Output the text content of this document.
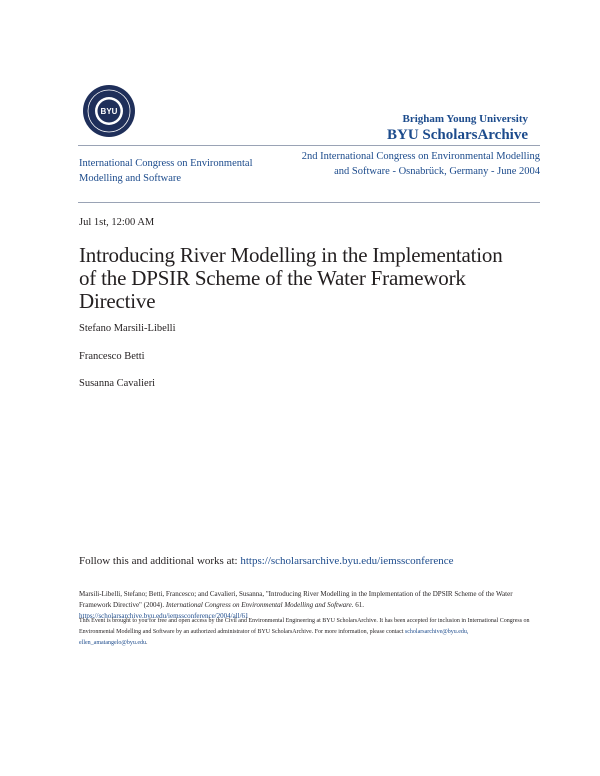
BYU
Brigham Young University
BYU ScholarsArchive
International Congress on Environmental Modelling and Software
2nd International Congress on Environmental Modelling and Software - Osnabrück, Germany - June 2004
Jul 1st, 12:00 AM
Introducing River Modelling in the Implementation of the DPSIR Scheme of the Water Framework Directive
Stefano Marsili-Libelli
Francesco Betti
Susanna Cavalieri
Follow this and additional works at: https://scholarsarchive.byu.edu/iemssconference
Marsili-Libelli, Stefano; Betti, Francesco; and Cavalieri, Susanna, "Introducing River Modelling in the Implementation of the DPSIR Scheme of the Water Framework Directive" (2004). International Congress on Environmental Modelling and Software. 61.
https://scholarsarchive.byu.edu/iemssconference/2004/all/61
This Event is brought to you for free and open access by the Civil and Environmental Engineering at BYU ScholarsArchive. It has been accepted for inclusion in International Congress on Environmental Modelling and Software by an authorized administrator of BYU ScholarsArchive. For more information, please contact scholarsarchive@byu.edu, ellen_amatangelo@byu.edu.
